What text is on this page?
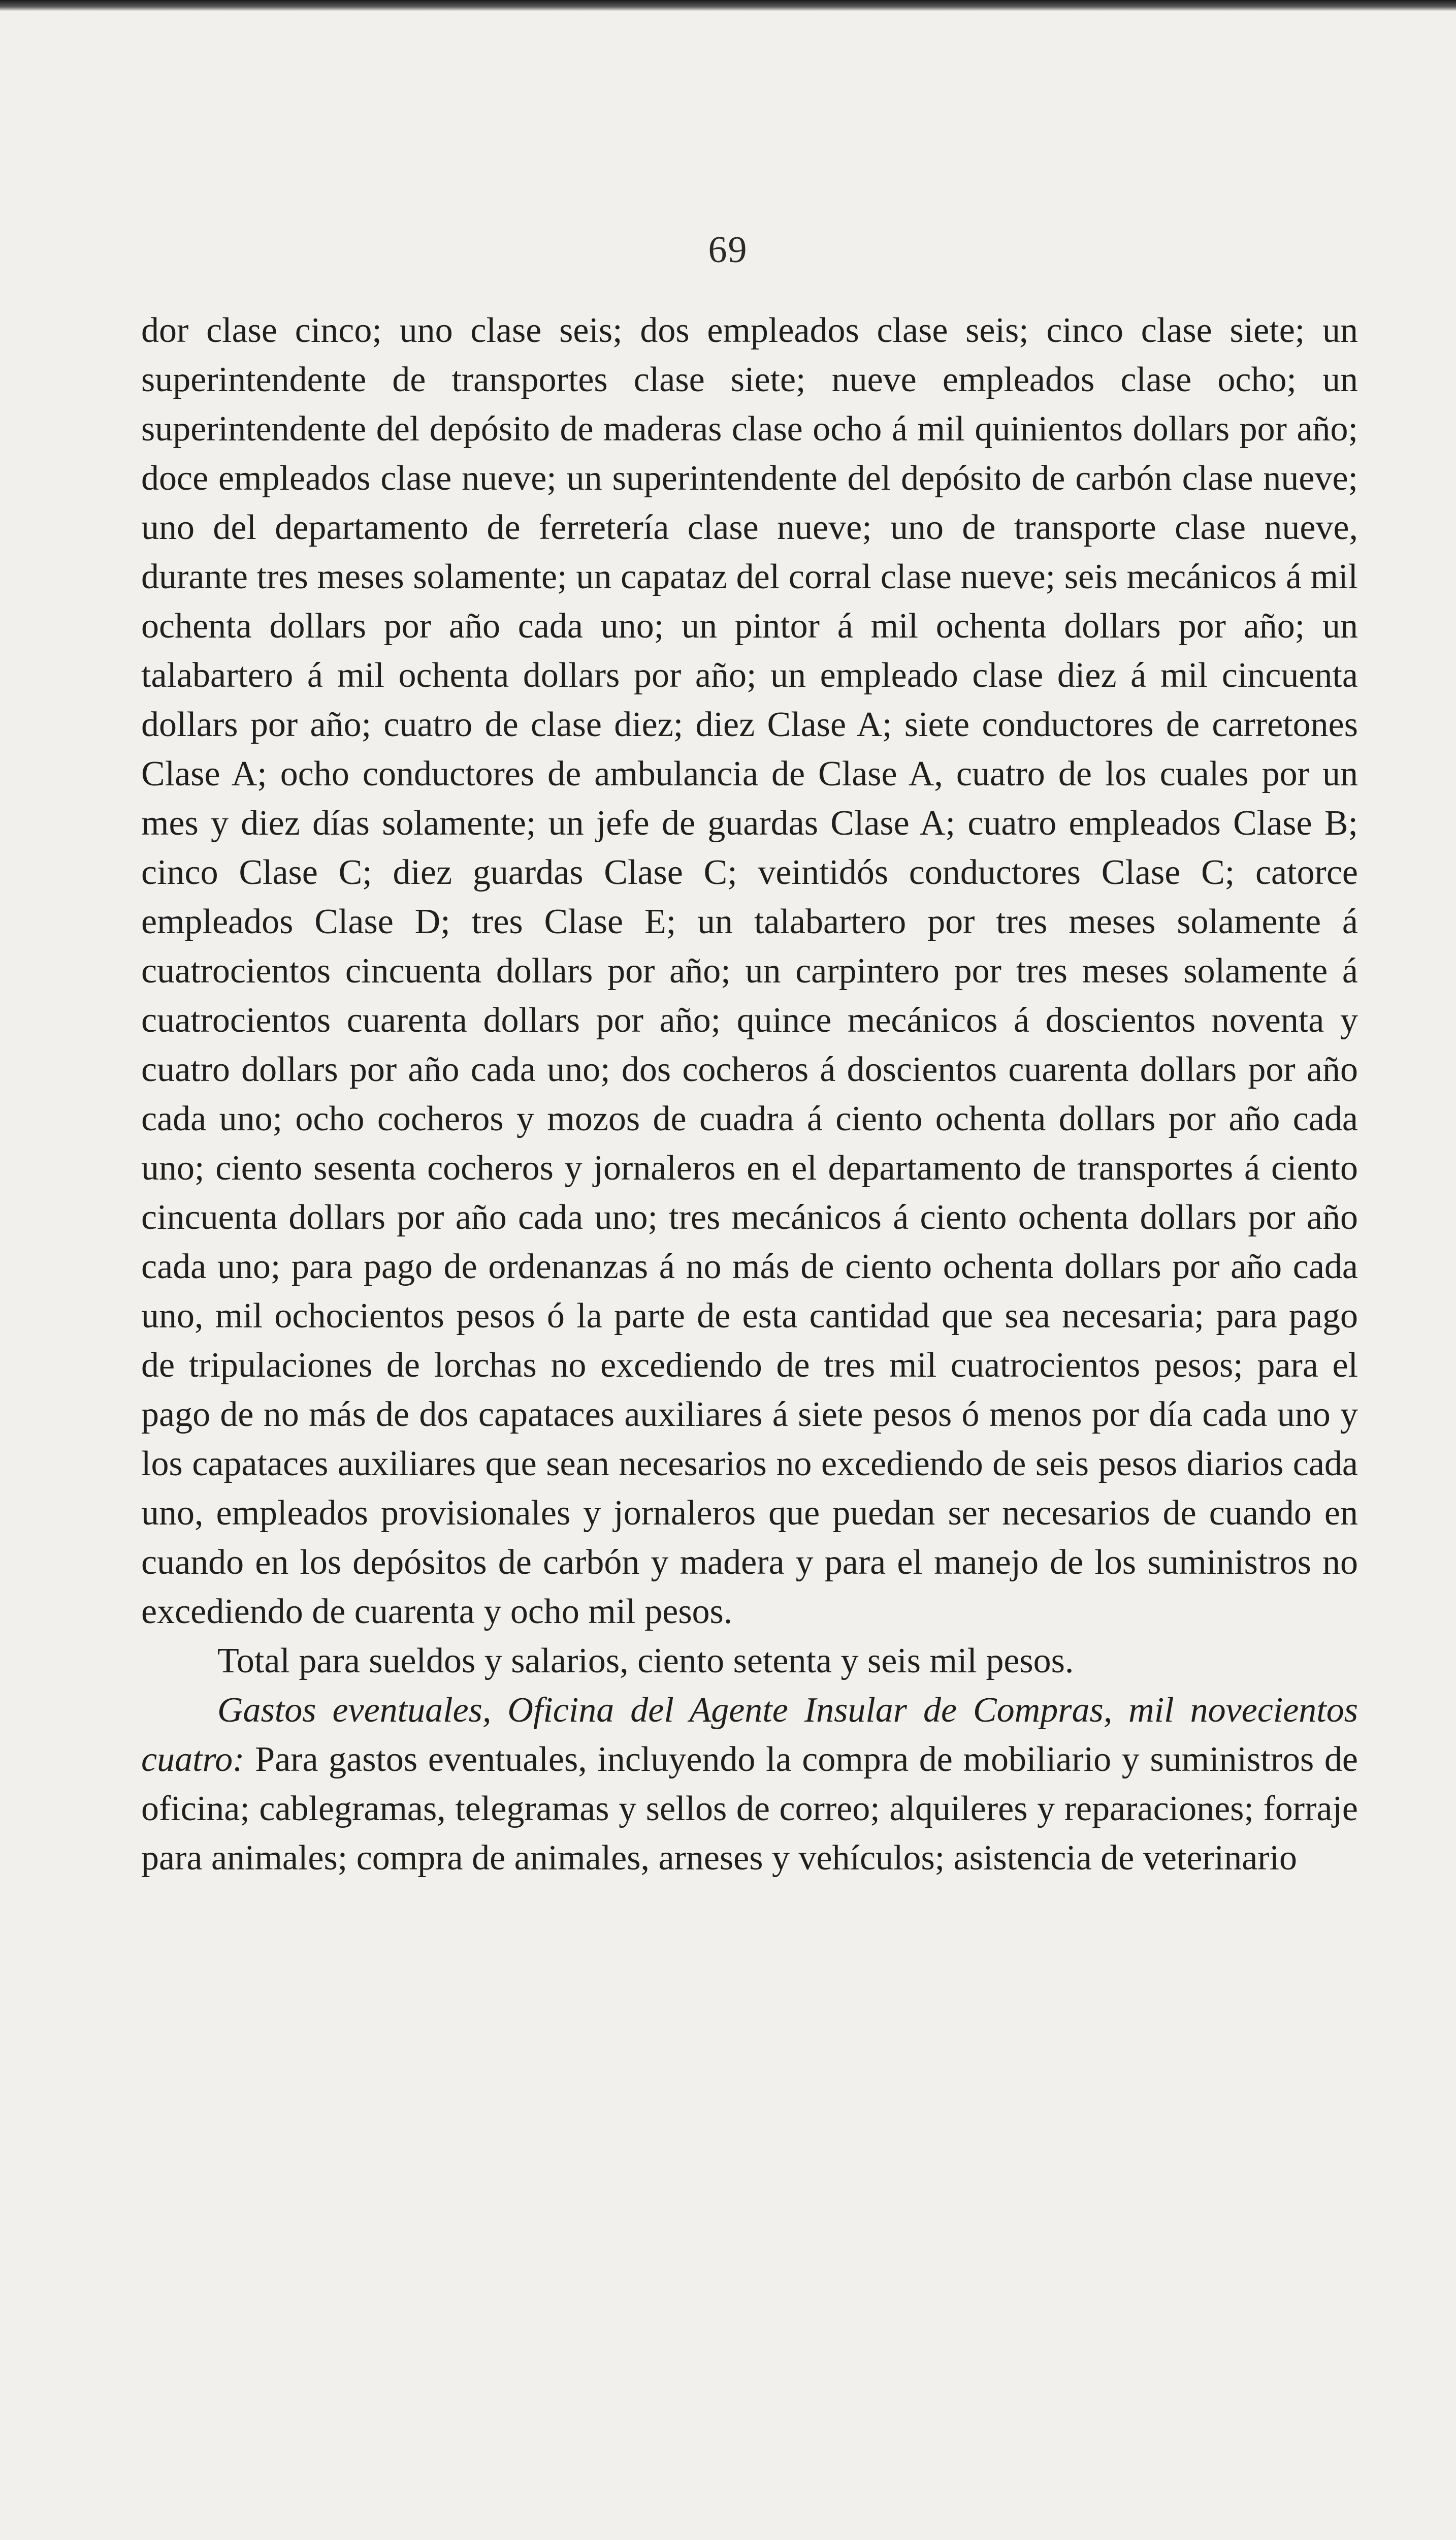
69

dor clase cinco; uno clase seis; dos empleados clase seis; cinco clase siete; un superintendente de transportes clase siete; nueve empleados clase ocho; un superintendente del depósito de maderas clase ocho á mil quinientos dollars por año; doce empleados clase nueve; un superintendente del depósito de carbón clase nueve; uno del departamento de ferretería clase nueve; uno de transporte clase nueve, durante tres meses solamente; un capataz del corral clase nueve; seis mecánicos á mil ochenta dollars por año cada uno; un pintor á mil ochenta dollars por año; un talabartero á mil ochenta dollars por año; un empleado clase diez á mil cincuenta dollars por año; cuatro de clase diez; diez Clase A; siete conductores de carretones Clase A; ocho conductores de ambulancia de Clase A, cuatro de los cuales por un mes y diez días solamente; un jefe de guardas Clase A; cuatro empleados Clase B; cinco Clase C; diez guardas Clase C; veintidós conductores Clase C; catorce empleados Clase D; tres Clase E; un talabartero por tres meses solamente á cuatrocientos cincuenta dollars por año; un carpintero por tres meses solamente á cuatrocientos cuarenta dollars por año; quince mecánicos á doscientos noventa y cuatro dollars por año cada uno; dos cocheros á doscientos cuarenta dollars por año cada uno; ocho cocheros y mozos de cuadra á ciento ochenta dollars por año cada uno; ciento sesenta cocheros y jornaleros en el departamento de transportes á ciento cincuenta dollars por año cada uno; tres mecánicos á ciento ochenta dollars por año cada uno; para pago de ordenanzas á no más de ciento ochenta dollars por año cada uno, mil ochocientos pesos ó la parte de esta cantidad que sea necesaria; para pago de tripulaciones de lorchas no excediendo de tres mil cuatrocientos pesos; para el pago de no más de dos capataces auxiliares á siete pesos ó menos por día cada uno y los capataces auxiliares que sean necesarios no excediendo de seis pesos diarios cada uno, empleados provisionales y jornaleros que puedan ser necesarios de cuando en cuando en los depósitos de carbón y madera y para el manejo de los suministros no excediendo de cuarenta y ocho mil pesos.

Total para sueldos y salarios, ciento setenta y seis mil pesos.

Gastos eventuales, Oficina del Agente Insular de Compras, mil novecientos cuatro: Para gastos eventuales, incluyendo la compra de mobiliario y suministros de oficina; cablegramas, telegramas y sellos de correo; alquileres y reparaciones; forraje para animales; compra de animales, arneses y vehículos; asistencia de veterinario
